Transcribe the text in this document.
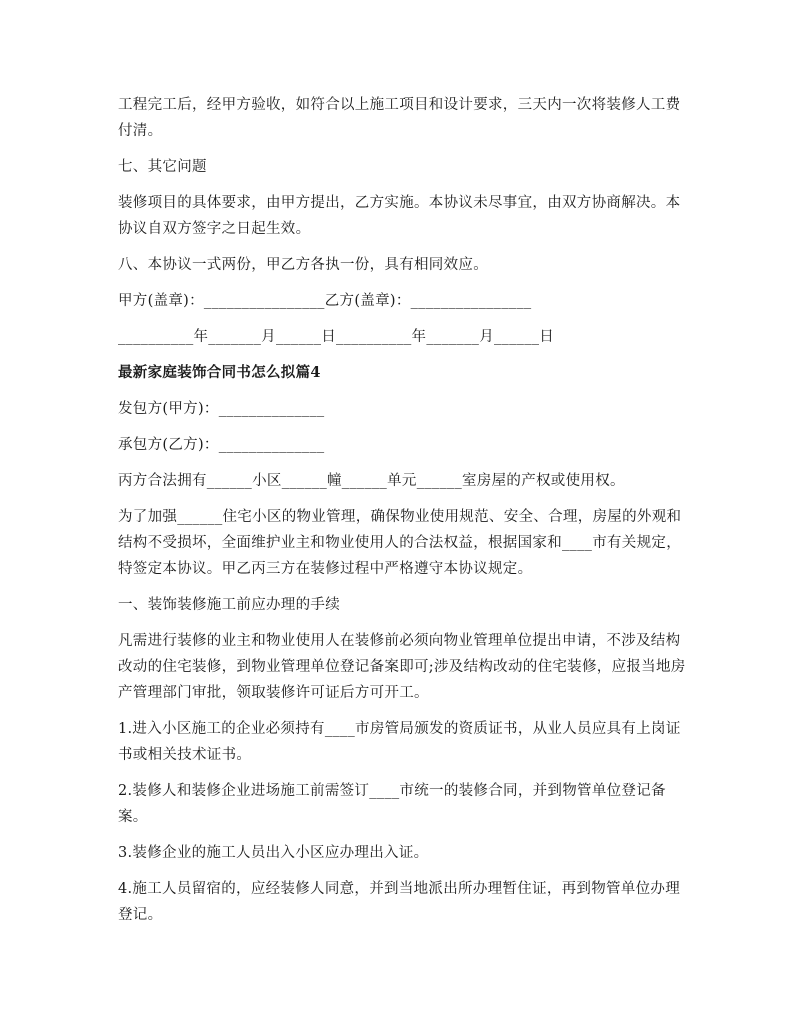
工程完工后，经甲方验收，如符合以上施工项目和设计要求，三天内一次将装修人工费付清。

七、其它问题

装修项目的具体要求，由甲方提出，乙方实施。本协议未尽事宜，由双方协商解决。本协议自双方签字之日起生效。

八、本协议一式两份，甲乙方各执一份，具有相同效应。

甲方(盖章)：________________乙方(盖章)：________________

__________年_______月______日__________年_______月______日

最新家庭装饰合同书怎么拟篇4

发包方(甲方)：______________

承包方(乙方)：______________

丙方合法拥有______小区______幢______单元______室房屋的产权或使用权。

为了加强______住宅小区的物业管理，确保物业使用规范、安全、合理，房屋的外观和结构不受损坏，全面维护业主和物业使用人的合法权益，根据国家和____市有关规定，特签定本协议。甲乙丙三方在装修过程中严格遵守本协议规定。

一、装饰装修施工前应办理的手续

凡需进行装修的业主和物业使用人在装修前必须向物业管理单位提出申请，不涉及结构改动的住宅装修，到物业管理单位登记备案即可;涉及结构改动的住宅装修，应报当地房产管理部门审批，领取装修许可证后方可开工。

1.进入小区施工的企业必须持有____市房管局颁发的资质证书，从业人员应具有上岗证书或相关技术证书。

2.装修人和装修企业进场施工前需签订____市统一的装修合同，并到物管单位登记备案。

3.装修企业的施工人员出入小区应办理出入证。

4.施工人员留宿的，应经装修人同意，并到当地派出所办理暂住证，再到物管单位办理登记。
